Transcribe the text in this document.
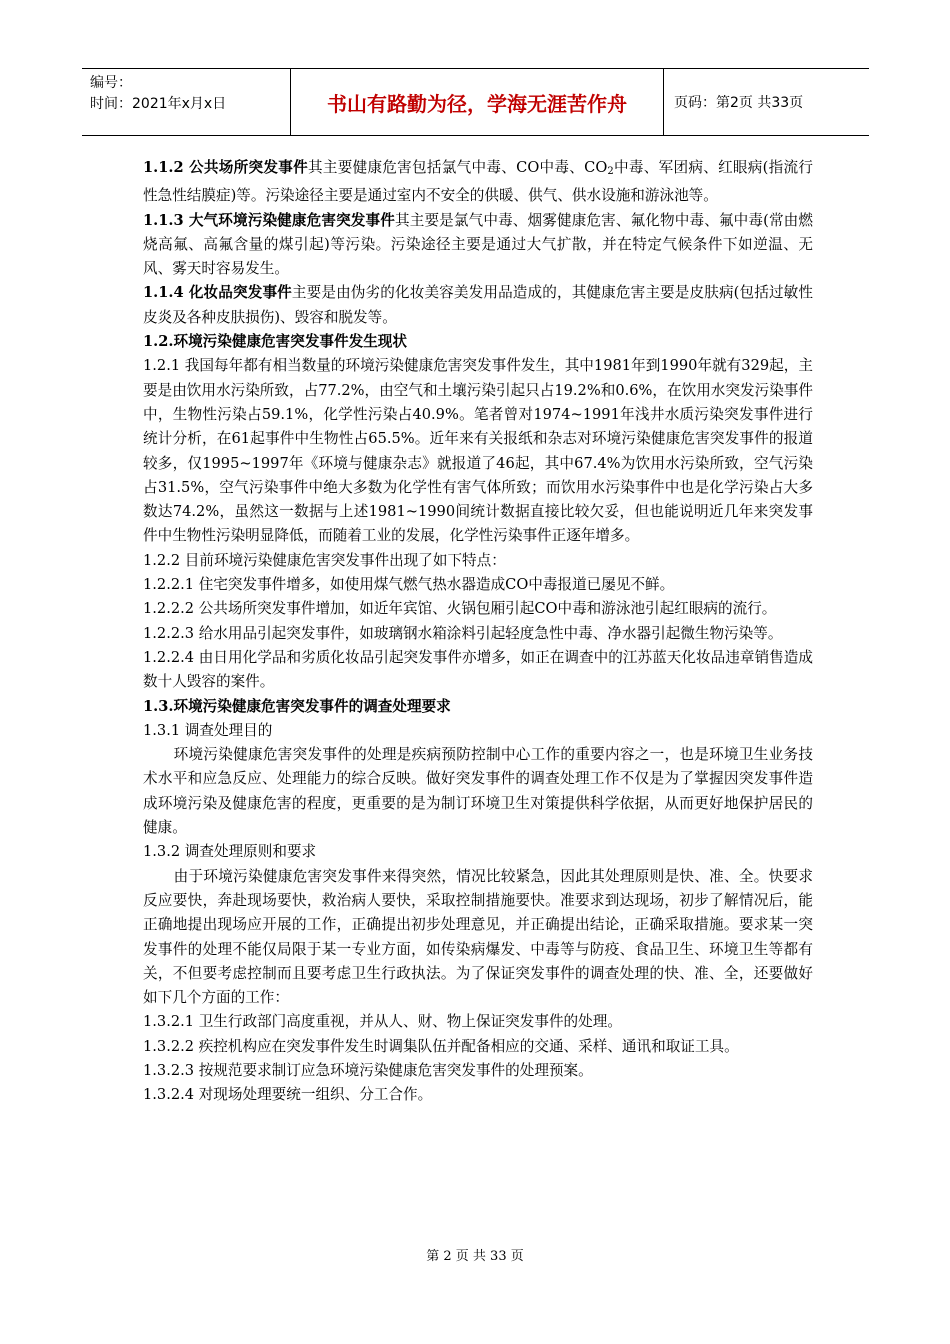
编号：
时间：2021年x月x日	书山有路勤为径，学海无涯苦作舟	页码：第2页 共33页

1.1.2 公共场所突发事件其主要健康危害包括氯气中毒、CO中毒、$CO_2$中毒、军团病、红眼病(指流行性急性结膜症)等。污染途径主要是通过室内不安全的供暖、供气、供水设施和游泳池等。

1.1.3 大气环境污染健康危害突发事件其主要是氯气中毒、烟雾健康危害、氟化物中毒、氟中毒(常由燃烧高氟、高氟含量的煤引起)等污染。污染途径主要是通过大气扩散，并在特定气候条件下如逆温、无风、雾天时容易发生。

1.1.4 化妆品突发事件主要是由伪劣的化妆美容美发用品造成的，其健康危害主要是皮肤病(包括过敏性皮炎及各种皮肤损伤)、毁容和脱发等。

1.2.环境污染健康危害突发事件发生现状

1.2.1 我国每年都有相当数量的环境污染健康危害突发事件发生，其中1981年到1990年就有329起，主要是由饮用水污染所致，占77.2%，由空气和土壤污染引起只占19.2%和0.6%，在饮用水突发污染事件中，生物性污染占59.1%，化学性污染占40.9%。笔者曾对1974~1991年浅井水质污染突发事件进行统计分析，在61起事件中生物性占65.5%。近年来有关报纸和杂志对环境污染健康危害突发事件的报道较多，仅1995~1997年《环境与健康杂志》就报道了46起，其中67.4%为饮用水污染所致，空气污染占31.5%，空气污染事件中绝大多数为化学性有害气体所致；而饮用水污染事件中也是化学污染占大多数达74.2%，虽然这一数据与上述1981~1990间统计数据直接比较欠妥，但也能说明近几年来突发事件中生物性污染明显降低，而随着工业的发展，化学性污染事件正逐年增多。

1.2.2 目前环境污染健康危害突发事件出现了如下特点：

1.2.2.1 住宅突发事件增多，如使用煤气燃气热水器造成CO中毒报道已屡见不鲜。

1.2.2.2 公共场所突发事件增加，如近年宾馆、火锅包厢引起CO中毒和游泳池引起红眼病的流行。

1.2.2.3 给水用品引起突发事件，如玻璃钢水箱涂料引起轻度急性中毒、净水器引起微生物污染等。

1.2.2.4 由日用化学品和劣质化妆品引起突发事件亦增多，如正在调查中的江苏蓝天化妆品违章销售造成数十人毁容的案件。

1.3.环境污染健康危害突发事件的调查处理要求

1.3.1 调查处理目的

环境污染健康危害突发事件的处理是疾病预防控制中心工作的重要内容之一，也是环境卫生业务技术水平和应急反应、处理能力的综合反映。做好突发事件的调查处理工作不仅是为了掌握因突发事件造成环境污染及健康危害的程度，更重要的是为制订环境卫生对策提供科学依据，从而更好地保护居民的健康。

1.3.2 调查处理原则和要求

由于环境污染健康危害突发事件来得突然，情况比较紧急，因此其处理原则是快、准、全。快要求反应要快，奔赴现场要快，救治病人要快，采取控制措施要快。准要求到达现场，初步了解情况后，能正确地提出现场应开展的工作，正确提出初步处理意见，并正确提出结论，正确采取措施。要求某一突发事件的处理不能仅局限于某一专业方面，如传染病爆发、中毒等与防疫、食品卫生、环境卫生等都有关，不但要考虑控制而且要考虑卫生行政执法。为了保证突发事件的调查处理的快、准、全，还要做好如下几个方面的工作：

1.3.2.1 卫生行政部门高度重视，并从人、财、物上保证突发事件的处理。

1.3.2.2 疾控机构应在突发事件发生时调集队伍并配备相应的交通、采样、通讯和取证工具。

1.3.2.3 按规范要求制订应急环境污染健康危害突发事件的处理预案。

1.3.2.4 对现场处理要统一组织、分工合作。

第 2 页 共 33 页
